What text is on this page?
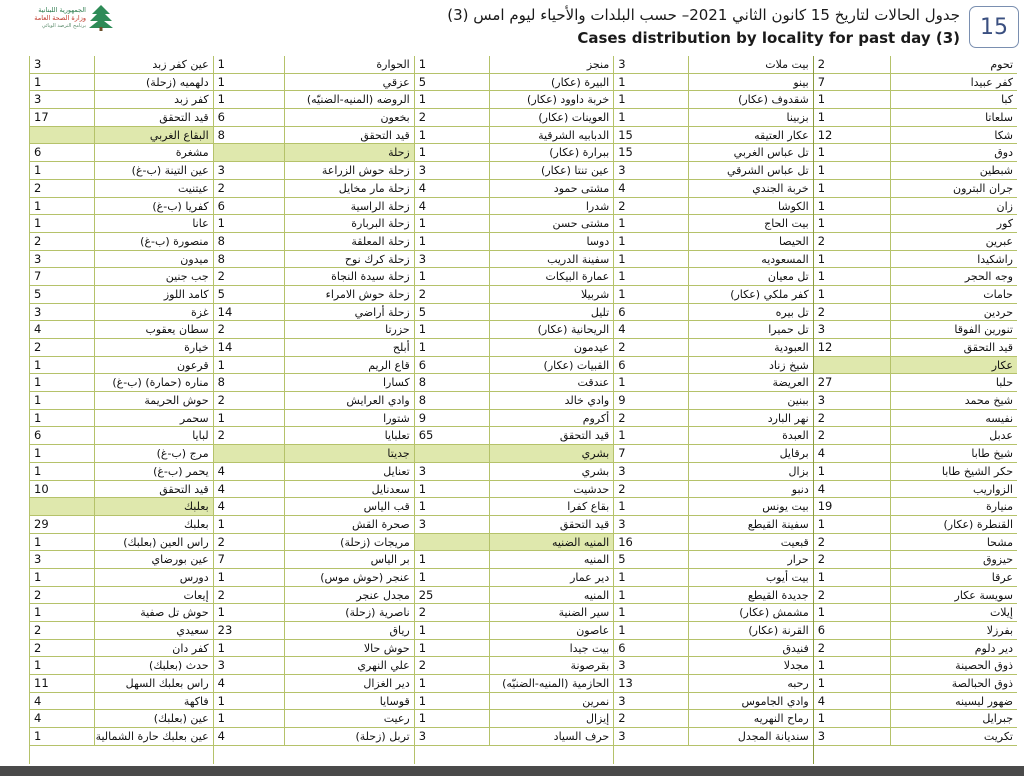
الجمهورية اللبنانية
وزارة الصحة العامة
برنامج الترصد الوبائي
جدول الحالات لتاريخ 15 كانون الثاني 2021– حسب البلدات والأحياء ليوم امس (3)
Cases distribution by locality for past day (3) 15
تحوم
2
كفر عبيدا
7
كبا
1
سلعاتا
1
شكا
12
دوق
1
شبطين
1
جران البترون
1
زان
1
كور
1
عبرين
2
راشكيدا
1
وجه الحجر
1
حامات
1
حردين
2
تنورين الفوقا
3
قيد التحقق
12
عكار
حلبا
27
شيخ محمد
3
نفيسه
2
عدبل
2
شيخ طابا
4
حكر الشيخ طابا
1
الزواريب
4
منيارة
19
القنطرة (عكار)
1
مشحا
2
حيزوق
2
عرقا
1
سويسة عكار
2
إيلات
1
بفرزلا
6
دير دلوم
2
ذوق الحصينة
1
ذوق الحبالصة
1
ضهور ليسينه
4
جبرايل
1
تكريت
3
بيت ملات
3
بينو
1
شقدوف (عكار)
1
بزبينا
1
عكار العتيقه
15
تل عباس الغربي
15
تل عباس الشرقي
3
خربة الجندي
4
الكوشا
2
بيت الحاج
1
الحيصا
1
المسعوديه
1
تل معيان
1
كفر ملكي (عكار)
1
تل بيره
6
تل حميرا
4
العبودية
2
شيخ زناد
6
العريضة
1
ببنين
9
نهر البارد
2
العبدة
1
برقايل
7
بزال
3
دنبو
2
بيت يونس
1
سفينة القيطع
3
قبعيت
16
حرار
5
بيت أيوب
1
جديدة القيطع
1
مشمش (عكار)
1
القرنة (عكار)
1
فنيدق
6
مجدلا
3
رحبه
13
وادي الجاموس
3
رماح النهريه
2
سنديانة المجدل
3
منجز
1
البيرة (عكار)
5
خربة داوود (عكار)
1
العوينات (عكار)
2
الدبابيه الشرقية
1
ببرارة (عكار)
1
عين تنتا (عكار)
3
مشتى حمود
4
شدرا
4
مشتى حسن
1
دوسا
1
سفينة الدريب
3
عمارة البيكات
1
شربيلا
2
تليل
5
الريحانية (عكار)
1
عيدمون
1
القبيات (عكار)
6
عندقت
8
وادي خالد
8
أكروم
9
قيد التحقق
65
بشري
بشري
3
حدشيت
1
بقاع كفرا
1
قيد التحقق
3
المنيه الضنيه
المنيه
1
دير عمار
1
المنيه
25
سير الضنية
2
عاصون
1
بيت جيدا
1
بقرصونة
2
الحازمية (المنيه-الضنيّه)
1
نمرين
1
إيزال
1
حرف السياد
3
الحوارة
1
عزقي
1
الروضه (المنيه-الضنيّه)
1
بخعون
6
قيد التحقق
8
زحلة
زحلة حوش الزراعة
3
زحلة مار مخايل
2
زحلة الراسية
6
زحلة البربارة
1
زحلة المعلقة
8
زحلة كرك نوح
8
زحلة سيدة النجاة
2
زحلة حوش الامراء
5
زحلة أراضي
14
حزرتا
2
أبلح
14
قاع الريم
1
كسارا
8
وادي العرايش
2
شتورا
1
تعلبايا
2
جديتا
تعنايل
4
سعدنايل
4
قب الياس
4
صحرة القش
1
مريجات (زحلة)
2
بر الياس
7
عنجر (حوش موس)
1
مجدل عنجر
2
ناصرية (زحلة)
1
رياق
23
حوش حالا
1
علي النهري
3
دير الغزال
4
قوسايا
1
رعيت
1
تربل (زحلة)
4
عين كفر زبد
3
دلهميه (زحلة)
1
كفر زبد
3
قيد التحقق
17
البقاع الغربي
مشغرة
6
عين التينة (ب-غ)
1
عيتنيت
2
كفريا (ب-غ)
1
عانا
1
منصورة (ب-غ)
2
ميدون
3
جب جنين
7
كامد اللوز
5
غزة
3
سطان يعقوب
4
خيارة
2
قرعون
1
مناره (حمارة) (ب-غ)
1
حوش الحريمة
1
سحمر
1
لبايا
6
مرج (ب-غ)
1
يحمر (ب-غ)
1
قيد التحقق
10
بعلبك
بعلبك
29
راس العين (بعلبك)
1
عين بورضاي
3
دورس
1
إيعات
2
حوش تل صفية
1
سعيدي
2
كفر دان
2
حدث (بعلبك)
1
راس بعلبك السهل
11
فاكهة
4
عين (بعلبك)
4
عين بعلبك حارة الشمالية
1
